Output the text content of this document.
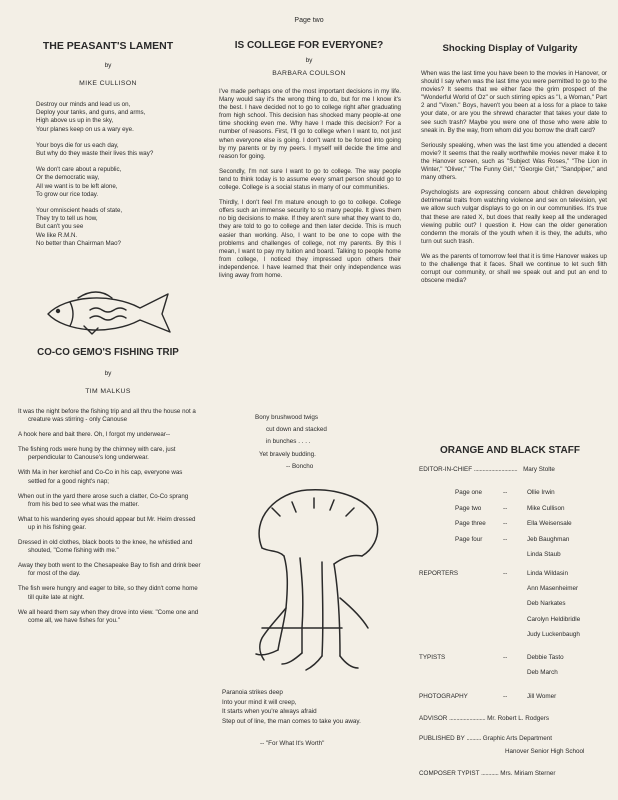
Page two
THE PEASANT'S LAMENT
by
MIKE CULLISON
Destroy our minds and lead us on,
Deploy your tanks, and guns, and arms,
High above us up in the sky,
Your planes keep on us a wary eye.
Your boys die for us each day,
But why do they waste their lives this way?
We don't care about a republic,
Or the democratic way,
All we want is to be left alone,
To grow our rice today.
Your omniscient heads of state,
They try to tell us how,
But can't you see
We like R.M.N.
No better than Chairman Mao?
CO-CO GEMO'S FISHING TRIP
by
TIM MALKUS

It was the night before the fishing trip and all thru the house not a creature was stirring - only Canouse

A hook here and bait there. Oh, I forgot my underwear--

The fishing rods were hung by the chimney with care, just perpendicular to Canouse's long underwear.

With Ma in her kerchief and Co-Co in his cap, everyone was settled for a good night's nap;

When out in the yard there arose such a clatter, Co-Co sprang from his bed to see what was the matter.

What to his wandering eyes should appear but Mr. Heim dressed up in his fishing gear.

Dressed in old clothes, black boots to the knee, he whistled and shouted, "Come fishing with me."

Away they both went to the Chesapeake Bay to fish and drink beer for most of the day.

The fish were hungry and eager to bite, so they didn't come home till quite late at night.

We all heard them say when they drove into view. "Come one and come all, we have fishes for you."

IS COLLEGE FOR EVERYONE?
by
BARBARA COULSON

I've made perhaps one of the most important decisions in my life. Many would say it's the wrong thing to do, but for me I know it's the best. I have decided not to go to college right after graduating from high school. This decision has shocked many people-at one time shocking even me. Why have I made this decision? For a number of reasons. First, I'll go to college when I want to, not just when everyone else is going. I don't want to be forced into going by my parents or by my peers. I myself will decide the time and reason for going.

Secondly, I'm not sure I want to go to college. The way people tend to think today is to assume every smart person should go to college. College is a social status in many of our communities.

Thirdly, I don't feel I'm mature enough to go to college. College offers such an immense security to so many people. It gives them no big decisions to make. If they aren't sure what they want to do, they are told to go to college and then later decide. This is much easier than working. Also, I want to be one to cope with the problems and challenges of college, not my parents. By this I mean, I want to pay my tuition and board. Talking to people home from college, I noticed they impressed upon others their independence. I have learned that their only independence was living away from home.

Bony brushwood twigs
cut down and stacked
in bunches . . . .
Yet bravely budding.
-- Boncho
Paranoia strikes deep
Into your mind it will creep,
It starts when you're always afraid
Step out of line, the man comes to take you away.
-- "For What It's Worth"
Shocking Display of Vulgarity

When was the last time you have been to the movies in Hanover, or should I say when was the last time you were permitted to go to the movies? It seems that we either face the grim prospect of the "Wonderful World of Oz" or such stirring epics as "I, a Woman," Part 2 and "Vixen." Boys, haven't you been at a loss for a place to take your date, or are you the shrewd character that takes your date to see such trash? Maybe you were one of those who were able to sneak in. By the way, from whom did you borrow the draft card?

Seriously speaking, when was the last time you attended a decent movie? It seems that the really worthwhile movies never make it to the Hanover screen, such as "Subject Was Roses," "The Lion in Winter," "Oliver," "The Funny Girl," "Georgie Girl," "Sandpiper," and many others.

Psychologists are expressing concern about children developing detrimental traits from watching violence and sex on television, yet we allow such vulgar displays to go on in our communities. It's true that these are rated X, but does that really keep all the underaged viewing public out? I question it. How can the older generation condemn the morals of the youth when it is they, the adults, who turn out such trash.

We as the parents of tomorrow feel that it is time Hanover wakes up to the challenge that it faces. Shall we continue to let such filth corrupt our community, or shall we speak out and put an end to obscene media?

ORANGE AND BLACK STAFF
EDITOR-IN-CHIEF .............................. Mary Stolte
Page one	--	Ollie Irwin
Page two	--	Mike Cullison
Page three	--	Ella Weisensale
Page four	--	Jeb Baughman
Linda Staub
REPORTERS	--	Linda Wildasin
Ann Masenheimer
Deb Narkates
Carolyn Heldibridle
Judy Luckenbaugh
TYPISTS	--	Debbie Tasto
Deb March
PHOTOGRAPHY	--	Jill Womer
ADVISOR ......................... Mr. Robert L. Rodgers
PUBLISHED BY .......... Graphic Arts Department
Hanover Senior High School
COMPOSER TYPIST ............ Mrs. Miriam Sterner
